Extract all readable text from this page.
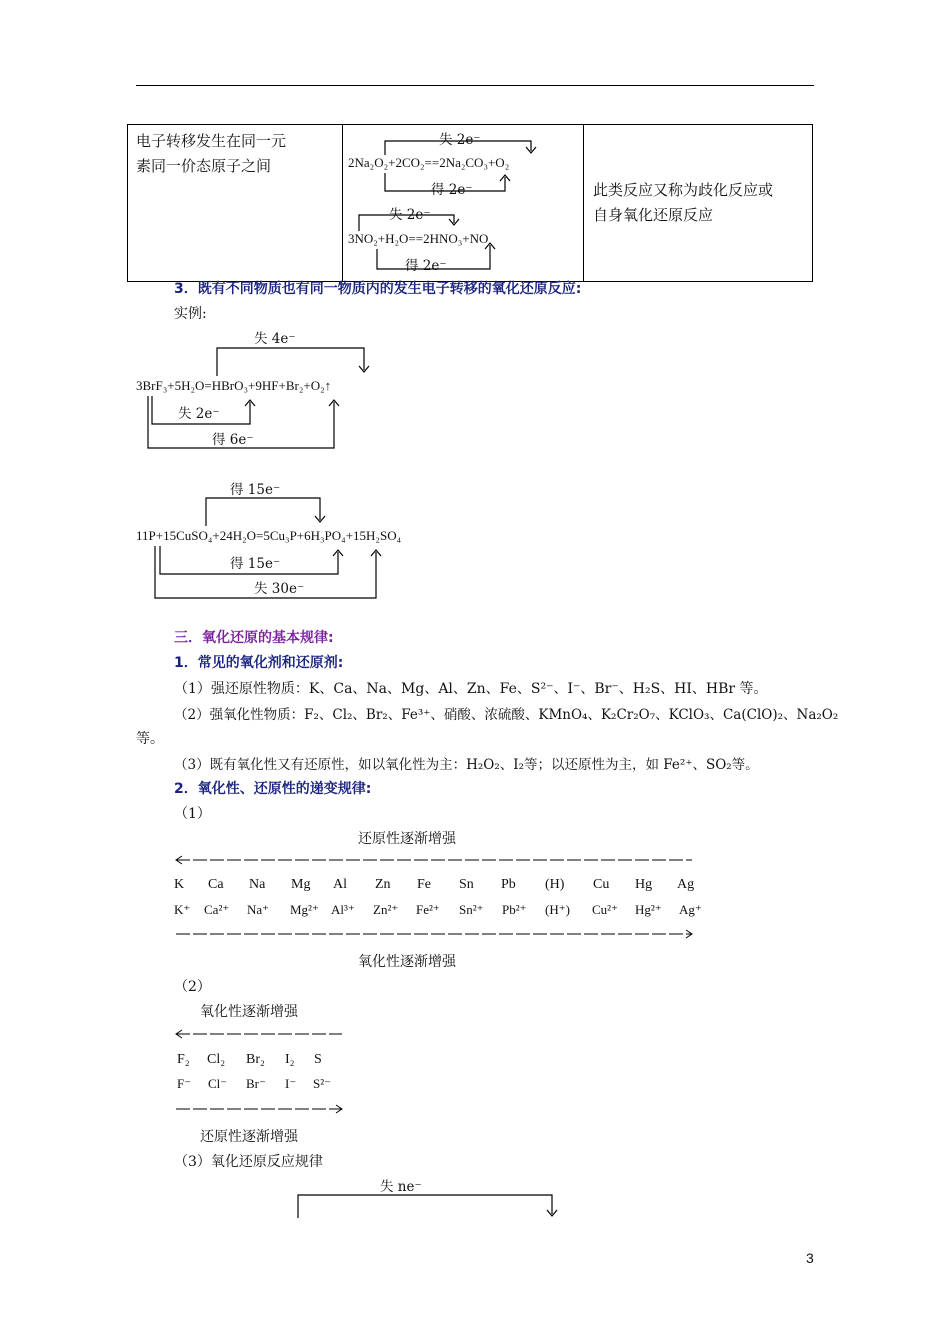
电子转移发生在同一元
素同一价态原子之间

失 2e⁻
2Na₂O₂+2CO₂==2Na₂CO₃+O₂
得 2e⁻
失 2e⁻
3NO₂+H₂O==2HNO₃+NO
得 2e⁻

此类反应又称为歧化反应或
自身氧化还原反应
3．既有不同物质也有同一物质内的发生电子转移的氧化还原反应:
实例:
失 4e⁻
3BrF₃+5H₂O=HBrO₃+9HF+Br₂+O₂↑
失 2e⁻
得 6e⁻
得 15e⁻
11P+15CuSO₄+24H₂O=5Cu₃P+6H₃PO₄+15H₂SO₄
得 15e⁻
失 30e⁻
三．氧化还原的基本规律:
1．常见的氧化剂和还原剂:
（1）强还原性物质：K、Ca、Na、Mg、Al、Zn、Fe、S²⁻、I⁻、Br⁻、H₂S、HI、HBr 等。
（2）强氧化性物质：F₂、Cl₂、Br₂、Fe³⁺、硝酸、浓硫酸、KMnO₄、K₂Cr₂O₇、KClO₃、Ca(ClO)₂、Na₂O₂
等。
（3）既有氧化性又有还原性，如以氧化性为主：H₂O₂、I₂等；以还原性为主，如 Fe²⁺、SO₂等。
2．氧化性、还原性的递变规律:
（1）
还原性逐渐增强
K Ca Na Mg Al Zn Fe Sn Pb (H) Cu Hg Ag
K⁺ Ca²⁺ Na⁺ Mg²⁺ Al³⁺ Zn²⁺ Fe²⁺ Sn²⁺ Pb²⁺ (H⁺) Cu²⁺ Hg²⁺ Ag⁺
氧化性逐渐增强
（2）
氧化性逐渐增强
F₂ Cl₂ Br₂ I₂ S
F⁻ Cl⁻ Br⁻ I⁻ S²⁻
还原性逐渐增强
（3）氧化还原反应规律
失 ne⁻
3
